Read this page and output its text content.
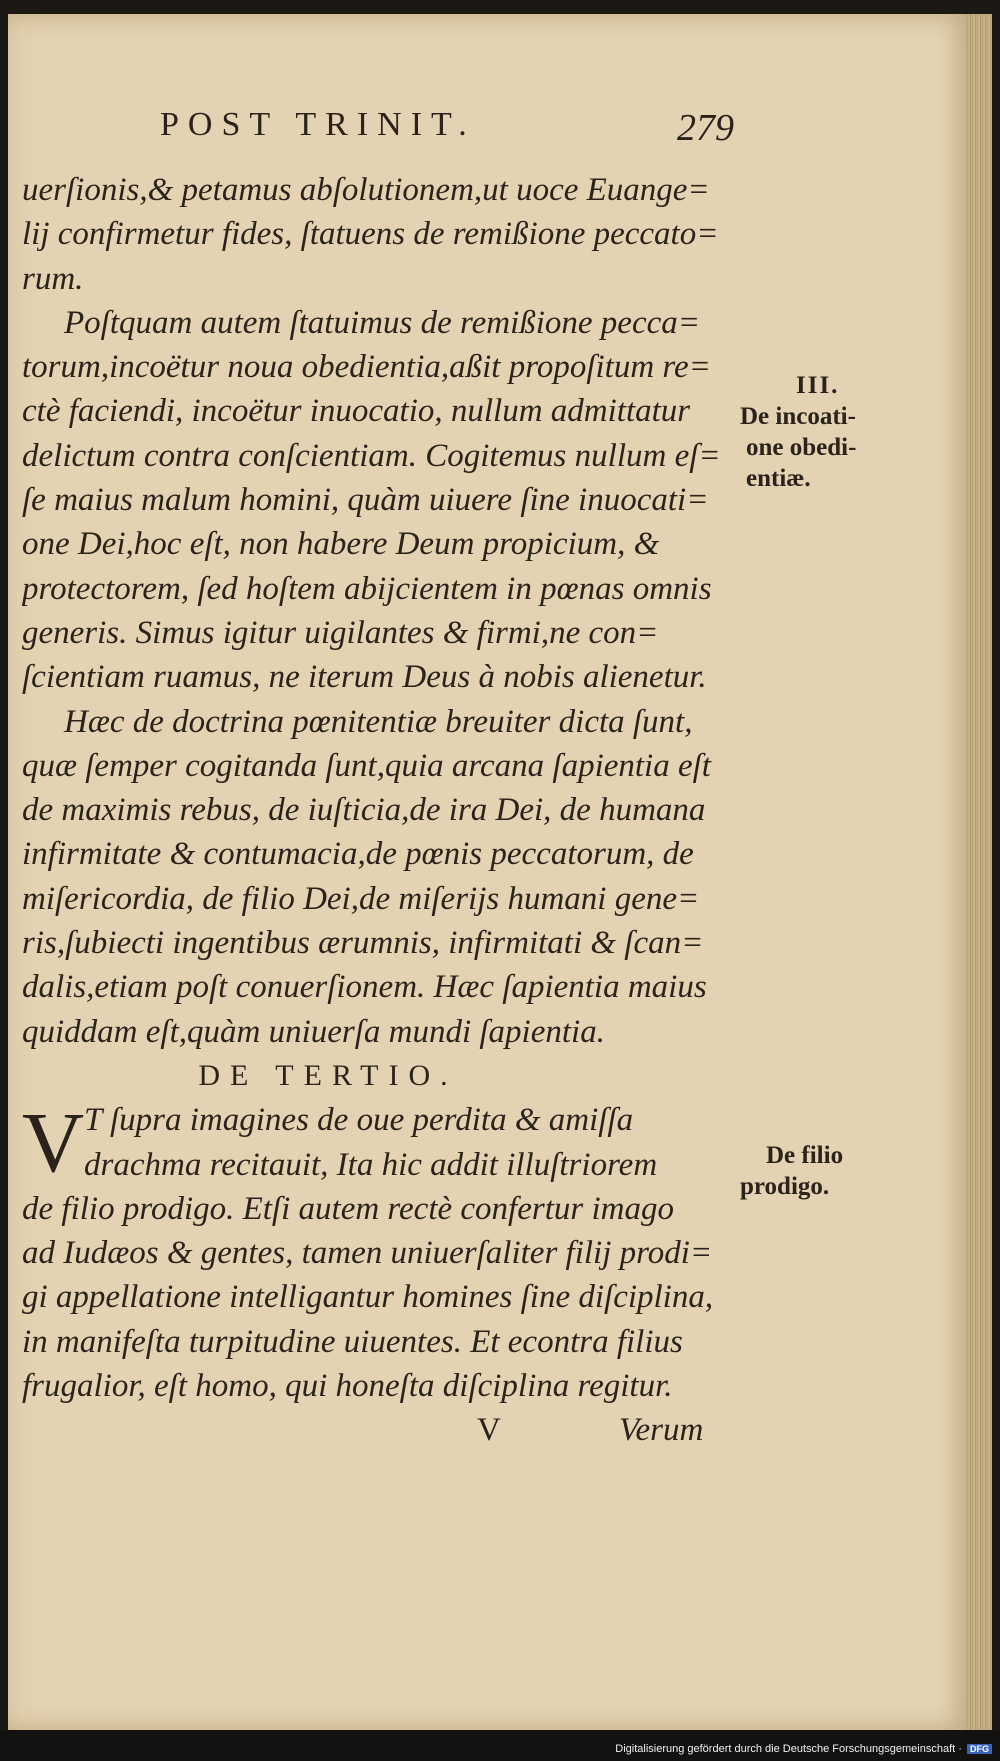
POST TRINIT.	279
uerſionis,& petamus abſolutionem,ut uoce Euange=
lij confirmetur fides, ſtatuens de remißione peccato=
rum.
Poſtquam autem ſtatuimus de remißione pecca=
torum,incoëtur noua obedientia,aßit propoſitum re=
ctè faciendi, incoëtur inuocatio, nullum admittatur
delictum contra conſcientiam. Cogitemus nullum eſ=
ſe maius malum homini, quàm uiuere ſine inuocati=
one Dei,hoc eſt, non habere Deum propicium, &
protectorem, ſed hoſtem abijcientem in pœnas omnis
generis. Simus igitur uigilantes & firmi,ne con=
ſcientiam ruamus, ne iterum Deus à nobis alienetur.
Hæc de doctrina pœnitentiæ breuiter dicta ſunt,
quæ ſemper cogitanda ſunt,quia arcana ſapientia eſt
de maximis rebus, de iuſticia,de ira Dei, de humana
infirmitate & contumacia,de pœnis peccatorum, de
miſericordia, de filio Dei,de miſerijs humani gene=
ris,ſubiecti ingentibus ærumnis, infirmitati & ſcan=
dalis,etiam poſt conuerſionem. Hæc ſapientia maius
quiddam eſt,quàm uniuerſa mundi ſapientia.
DE TERTIO.
V T ſupra imagines de oue perdita & amiſſa
drachma recitauit, Ita hic addit illuſtriorem
de filio prodigo. Etſi autem rectè confertur imago
ad Iudæos & gentes, tamen uniuerſaliter filij prodi=
gi appellatione intelligantur homines ſine diſciplina,
in manifeſta turpitudine uiuentes. Et econtra filius
frugalior, eſt homo, qui honeſta diſciplina regitur.
V	Verum
III.
De incoati-
one obedi-
entiæ.
De filio
prodigo.
Digitalisierung gefördert durch die Deutsche Forschungsgemeinschaft · DFG
